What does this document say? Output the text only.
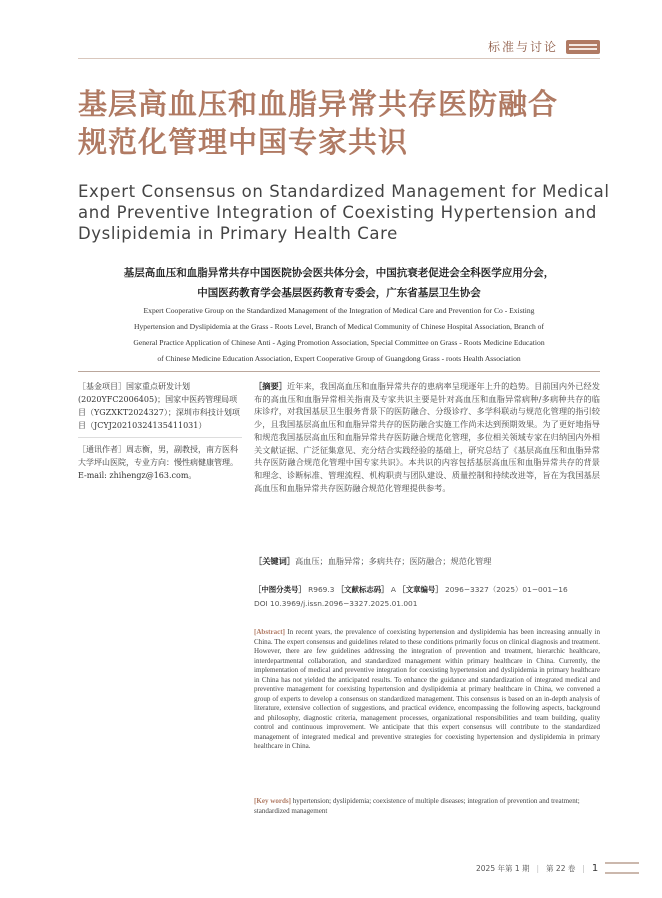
标准与讨论
基层高血压和血脂异常共存医防融合
规范化管理中国专家共识
Expert Consensus on Standardized Management for Medical
and Preventive Integration of Coexisting Hypertension and
Dyslipidemia in Primary Health Care
基层高血压和血脂异常共存中国医院协会医共体分会，中国抗衰老促进会全科医学应用分会，
中国医药教育学会基层医药教育专委会，广东省基层卫生协会
Expert Cooperative Group on the Standardized Management of the Integration of Medical Care and Prevention for Co - Existing
Hypertension and Dyslipidemia at the Grass - Roots Level, Branch of Medical Community of Chinese Hospital Association, Branch of
General Practice Application of Chinese Anti - Aging Promotion Association, Special Committee on Grass - Roots Medicine Education
of Chinese Medicine Education Association, Expert Cooperative Group of Guangdong Grass - roots Health Association

［基金项目］国家重点研发计划(2020YFC2006405)；国家中医药管理局项目（YGZXKT2024327）；深圳市科技计划项目（JCYJ20210324135411031）

［通讯作者］周志衡，男，副教授，南方医科大学坪山医院，专业方向：慢性病健康管理。E-mail: zhihengz@163.com。

［摘要］近年来，我国高血压和血脂异常共存的患病率呈现逐年上升的趋势。目前国内外已经发布的高血压和血脂异常相关指南及专家共识主要是针对高血压和血脂异常病种/多病种共存的临床诊疗，对我国基层卫生服务背景下的医防融合、分级诊疗、多学科联动与规范化管理的指引较少，且我国基层高血压和血脂异常共存的医防融合实施工作尚未达到预期效果。为了更好地指导和规范我国基层高血压和血脂异常共存医防融合规范化管理，多位相关领域专家在归纳国内外相关文献证据、广泛征集意见、充分结合实践经验的基础上，研究总结了《基层高血压和血脂异常共存医防融合规范化管理中国专家共识》。本共识的内容包括基层高血压和血脂异常共存的背景和理念、诊断标准、管理流程、机构职责与团队建设、质量控制和持续改进等，旨在为我国基层高血压和血脂异常共存医防融合规范化管理提供参考。
［关键词］高血压；血脂异常；多病共存；医防融合；规范化管理
［中图分类号］ R969.3 ［文献标志码］ A ［文章编号］ 2096−3327（2025）01−001−16
DOI 10.3969/j.issn.2096−3327.2025.01.001
[Abstract] In recent years, the prevalence of coexisting hypertension and dyslipidemia has been increasing annually in China. The expert consensus and guidelines related to these conditions primarily focus on clinical diagnosis and treatment. However, there are few guidelines addressing the integration of prevention and treatment, hierarchic healthcare, interdepartmental collaboration, and standardized management within primary healthcare in China. Currently, the implementation of medical and preventive integration for coexisting hypertension and dyslipidemia in primary healthcare in China has not yielded the anticipated results. To enhance the guidance and standardization of integrated medical and preventive management for coexisting hypertension and dyslipidemia at primary healthcare in China, we convened a group of experts to develop a consensus on standardized management. This consensus is based on an in-depth analysis of literature, extensive collection of suggestions, and practical evidence, encompassing the following aspects, background and philosophy, diagnostic criteria, management processes, organizational responsibilities and team building, quality control and continuous improvement. We anticipate that this expert consensus will contribute to the standardized management of integrated medical and preventive strategies for coexisting hypertension and dyslipidemia in primary healthcare in China.
[Key words] hypertension; dyslipidemia; coexistence of multiple diseases; integration of prevention and treatment; standardized management
2025 年第 1 期 | 第 22 卷 | 1
